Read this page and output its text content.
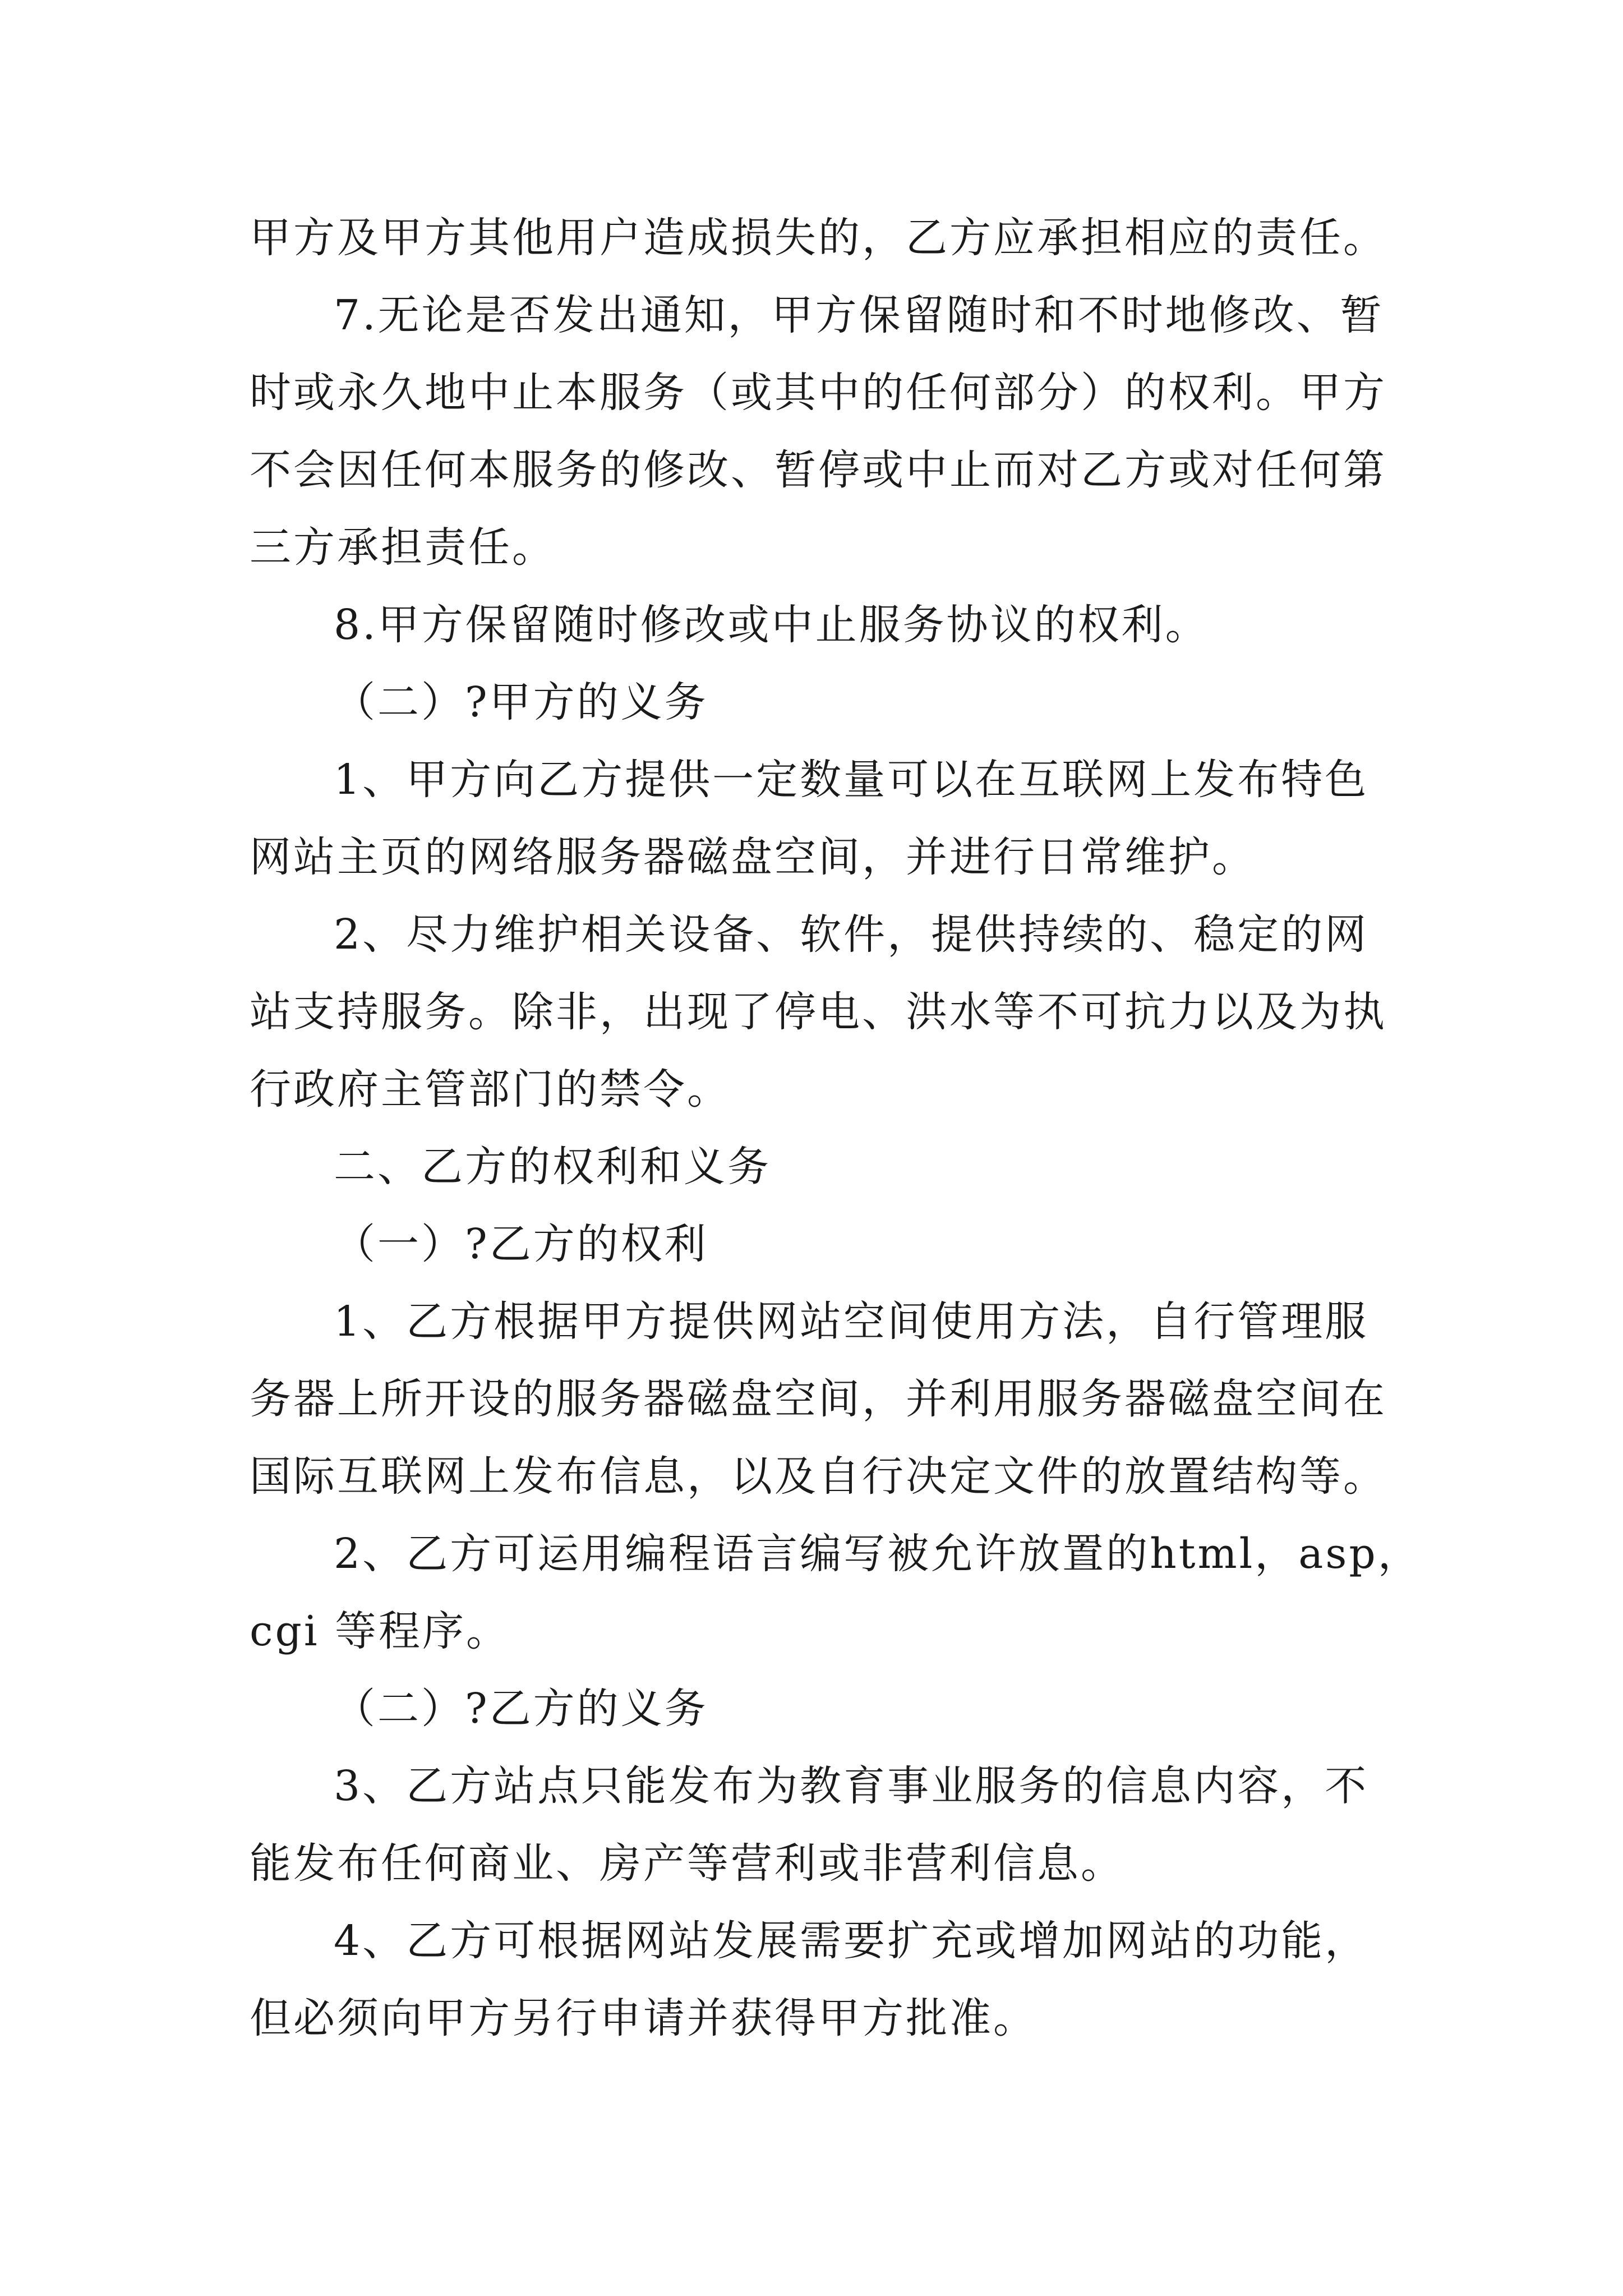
甲方及甲方其他用户造成损失的，乙方应承担相应的责任。
7.无论是否发出通知，甲方保留随时和不时地修改、暂
时或永久地中止本服务（或其中的任何部分）的权利。甲方
不会因任何本服务的修改、暂停或中止而对乙方或对任何第
三方承担责任。
8.甲方保留随时修改或中止服务协议的权利。
（二）?甲方的义务
1、甲方向乙方提供一定数量可以在互联网上发布特色
网站主页的网络服务器磁盘空间，并进行日常维护。
2、尽力维护相关设备、软件，提供持续的、稳定的网
站支持服务。除非，出现了停电、洪水等不可抗力以及为执
行政府主管部门的禁令。
二、乙方的权利和义务
（一）?乙方的权利
1、乙方根据甲方提供网站空间使用方法，自行管理服
务器上所开设的服务器磁盘空间，并利用服务器磁盘空间在
国际互联网上发布信息，以及自行决定文件的放置结构等。
2、乙方可运用编程语言编写被允许放置的html，asp，
cgi 等程序。
（二）?乙方的义务
3、乙方站点只能发布为教育事业服务的信息内容，不
能发布任何商业、房产等营利或非营利信息。
4、乙方可根据网站发展需要扩充或增加网站的功能，
但必须向甲方另行申请并获得甲方批准。
